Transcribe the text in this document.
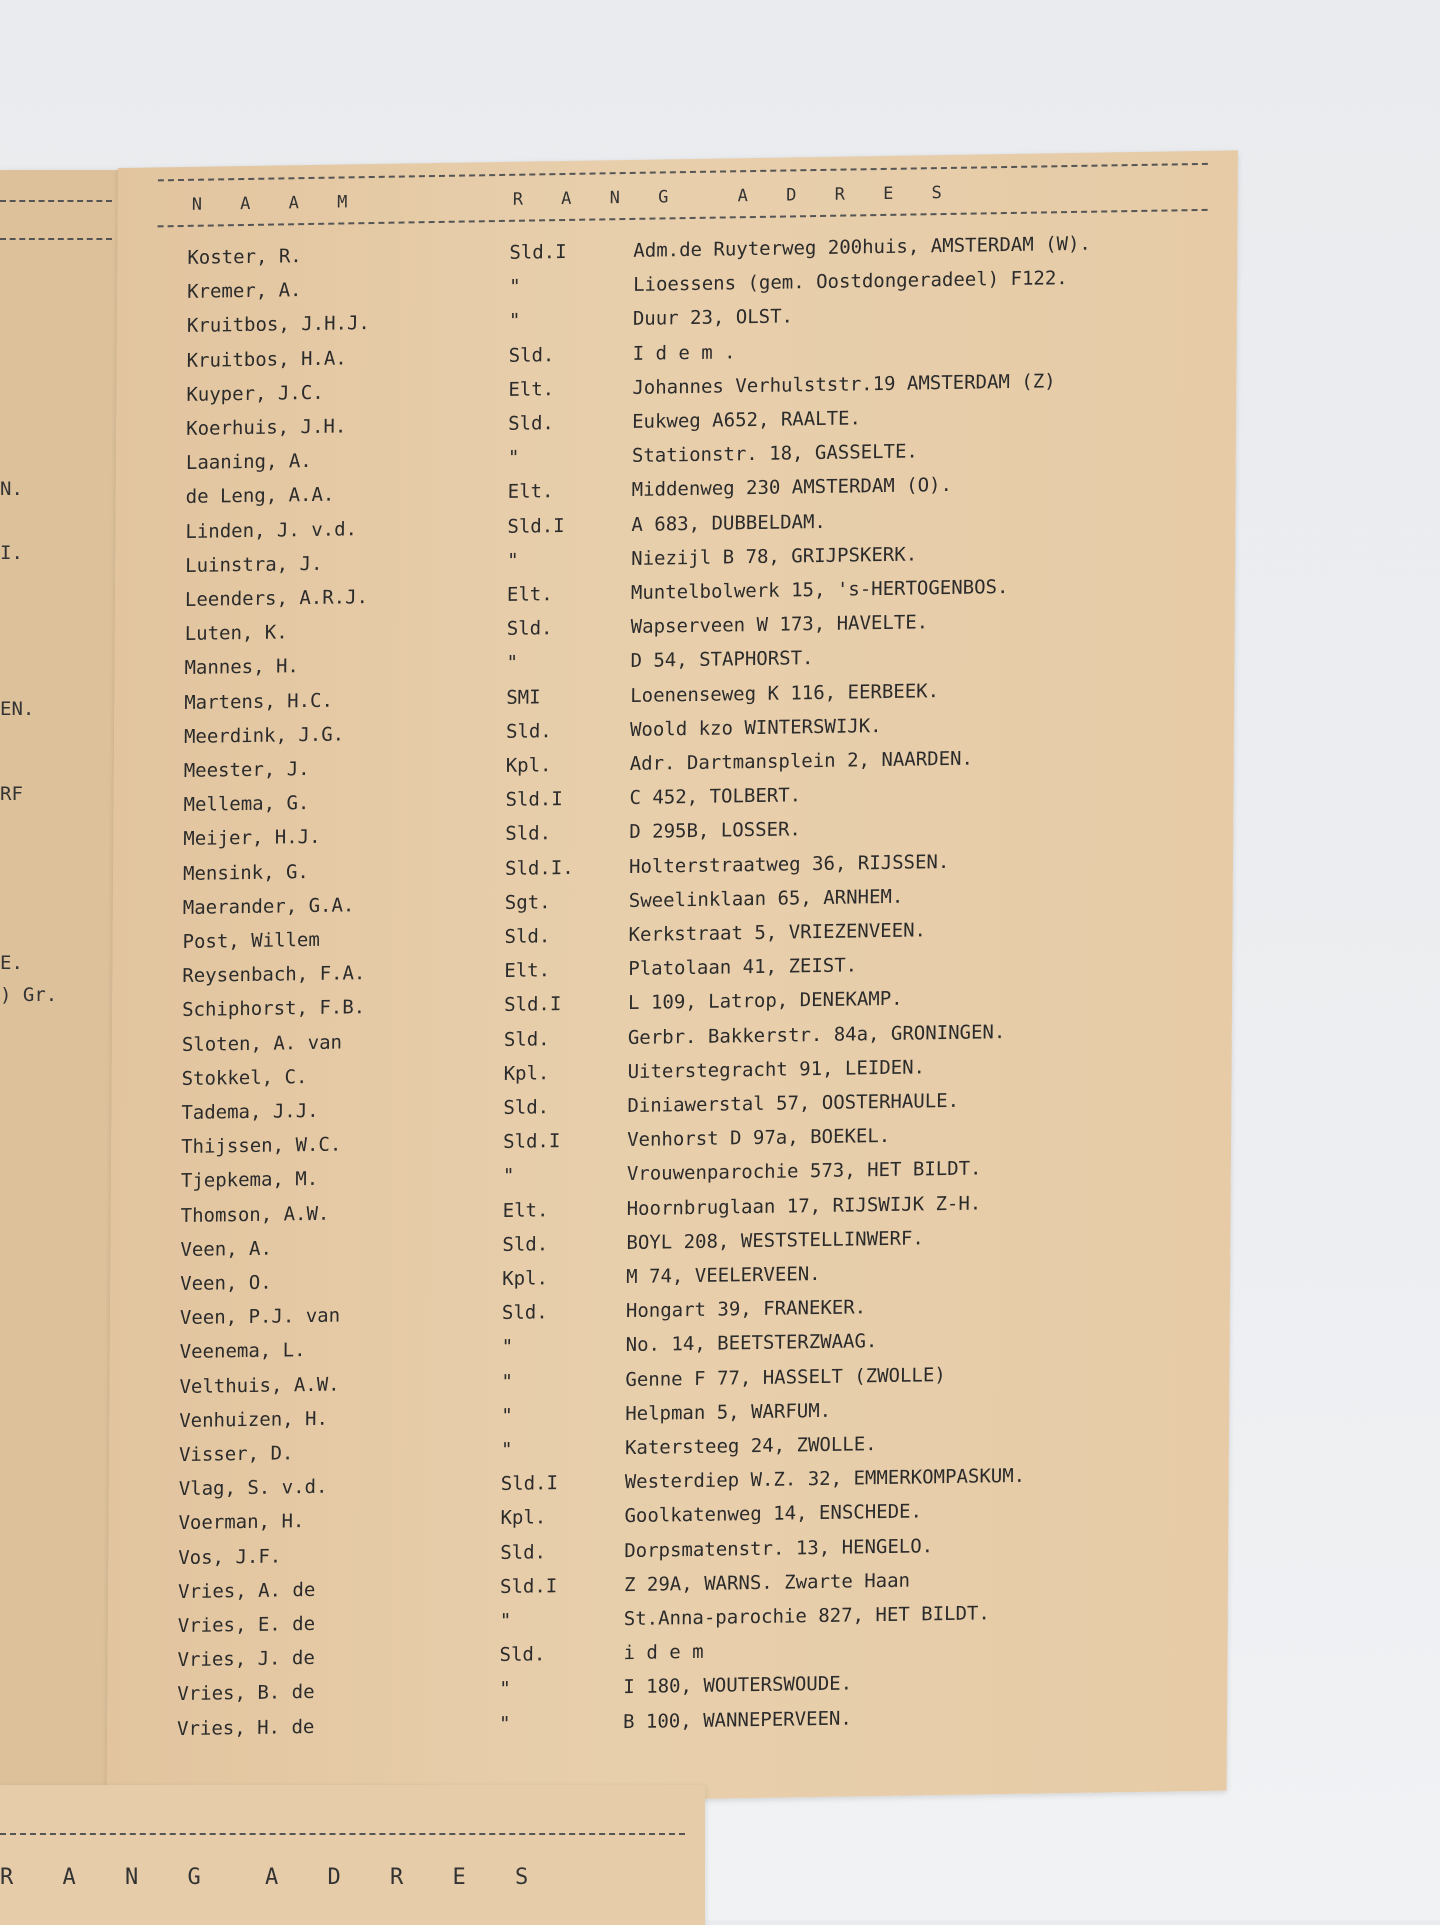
N.
I.
EN.
RF
E.
) Gr.
N A A M	R A N G	A D R E S
Koster, R.	Sld.I	Adm.de Ruyterweg 200huis, AMSTERDAM (W).
Kremer, A.	"	Lioessens (gem. Oostdongeradeel) F122.
Kruitbos, J.H.J.	"	Duur 23, OLST.
Kruitbos, H.A.	Sld.	I d e m .
Kuyper, J.C.	Elt.	Johannes Verhulststr.19 AMSTERDAM (Z)
Koerhuis, J.H.	Sld.	Eukweg A652, RAALTE.
Laaning, A.	"	Stationstr. 18, GASSELTE.
de Leng, A.A.	Elt.	Middenweg 230 AMSTERDAM (O).
Linden, J. v.d.	Sld.I	A 683, DUBBELDAM.
Luinstra, J.	"	Niezijl B 78, GRIJPSKERK.
Leenders, A.R.J.	Elt.	Muntelbolwerk 15, 's-HERTOGENBOS.
Luten, K.	Sld.	Wapserveen W 173, HAVELTE.
Mannes, H.	"	D 54, STAPHORST.
Martens, H.C.	SMI	Loenenseweg K 116, EERBEEK.
Meerdink, J.G.	Sld.	Woold kzo WINTERSWIJK.
Meester, J.	Kpl.	Adr. Dartmansplein 2, NAARDEN.
Mellema, G.	Sld.I	C 452, TOLBERT.
Meijer, H.J.	Sld.	D 295B, LOSSER.
Mensink, G.	Sld.I.	Holterstraatweg 36, RIJSSEN.
Maerander, G.A.	Sgt.	Sweelinklaan 65, ARNHEM.
Post, Willem	Sld.	Kerkstraat 5, VRIEZENVEEN.
Reysenbach, F.A.	Elt.	Platolaan 41, ZEIST.
Schiphorst, F.B.	Sld.I	L 109, Latrop, DENEKAMP.
Sloten, A. van	Sld.	Gerbr. Bakkerstr. 84a, GRONINGEN.
Stokkel, C.	Kpl.	Uiterstegracht 91, LEIDEN.
Tadema, J.J.	Sld.	Diniawerstal 57, OOSTERHAULE.
Thijssen, W.C.	Sld.I	Venhorst D 97a, BOEKEL.
Tjepkema, M.	"	Vrouwenparochie 573, HET BILDT.
Thomson, A.W.	Elt.	Hoornbruglaan 17, RIJSWIJK Z-H.
Veen, A.	Sld.	BOYL 208, WESTSTELLINWERF.
Veen, O.	Kpl.	M 74, VEELERVEEN.
Veen, P.J. van	Sld.	Hongart 39, FRANEKER.
Veenema, L.	"	No. 14, BEETSTERZWAAG.
Velthuis, A.W.	"	Genne F 77, HASSELT (ZWOLLE)
Venhuizen, H.	"	Helpman 5, WARFUM.
Visser, D.	"	Katersteeg 24, ZWOLLE.
Vlag, S. v.d.	Sld.I	Westerdiep W.Z. 32, EMMERKOMPASKUM.
Voerman, H.	Kpl.	Goolkatenweg 14, ENSCHEDE.
Vos, J.F.	Sld.	Dorpsmatenstr. 13, HENGELO.
Vries, A. de	Sld.I	Z 29A, WARNS. Zwarte Haan
Vries, E. de	"	St.Anna-parochie 827, HET BILDT.
Vries, J. de	Sld.	i d e m
Vries, B. de	"	I 180, WOUTERSWOUDE.
Vries, H. de	"	B 100, WANNEPERVEEN.
R A N G A D R E S
